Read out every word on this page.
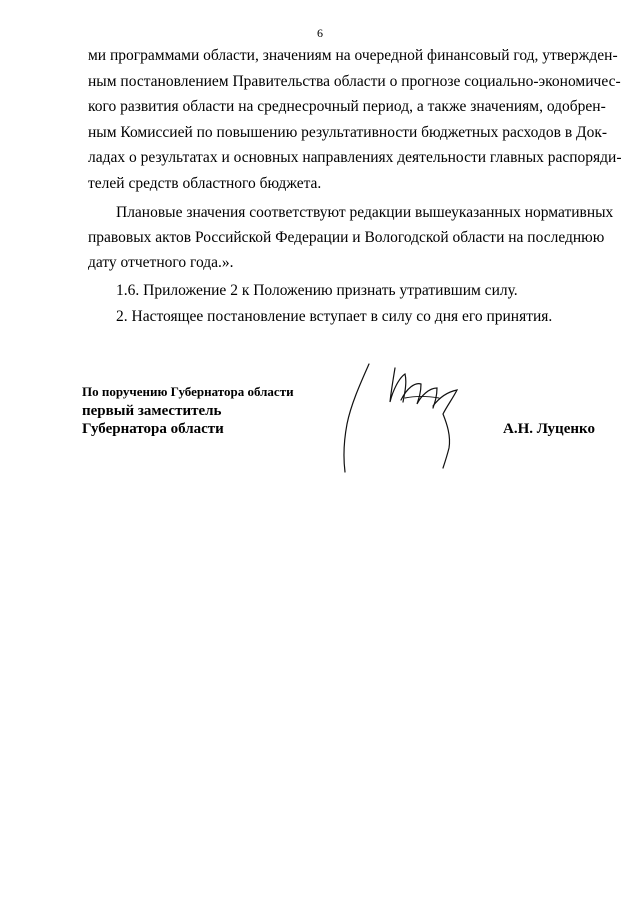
6
ми программами области, значениям на очередной финансовый год, утвержден-
ным постановлением Правительства области о прогнозе социально-экономичес-
кого развития области на среднесрочный период, а также значениям, одобрен-
ным Комиссией по повышению результативности бюджетных расходов в Док-
ладах о результатах и основных направлениях деятельности главных распоряди-
телей средств областного бюджета.
Плановые значения соответствуют редакции вышеуказанных нормативных
правовых актов Российской Федерации и Вологодской области на последнюю
дату отчетного года.».
1.6. Приложение 2 к Положению признать утратившим силу.
2. Настоящее постановление вступает в силу со дня его принятия.
По поручению Губернатора области
первый заместитель
Губернатора области	А.Н. Луценко
